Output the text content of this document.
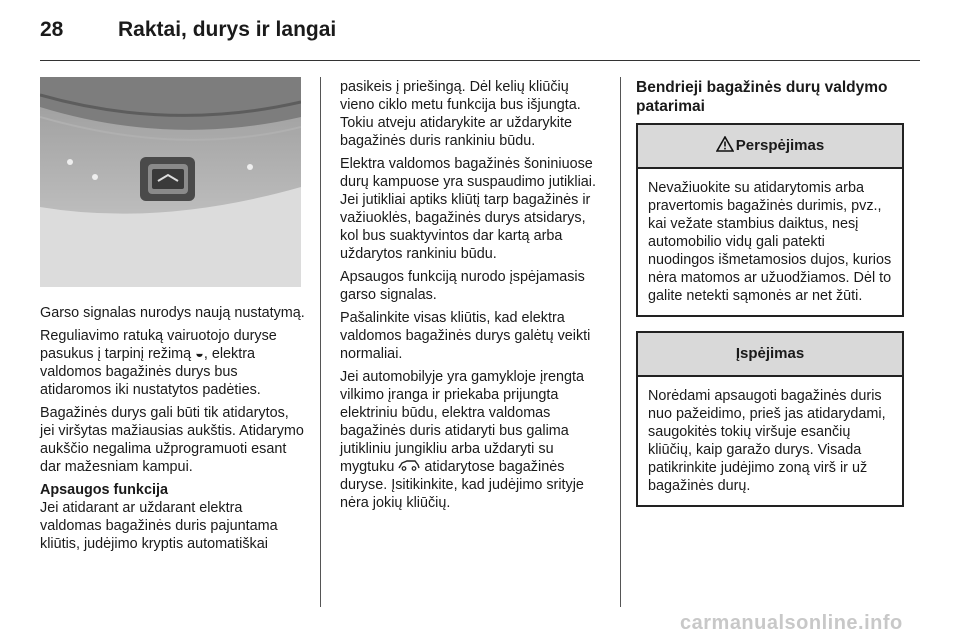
28	Raktai, durys ir langai

Garso signalas nurodys naują nustatymą.

Reguliavimo ratuką vairuotojo duryse pasukus į tarpinį režimą ◒, elektra valdomos bagažinės durys bus atidaromos iki nustatytos padėties.

Bagažinės durys gali būti tik atidarytos, jei viršytas mažiausias aukštis. Atidarymo aukščio negalima užprogramuoti esant dar mažesniam kampui.

Apsaugos funkcija

Jei atidarant ar uždarant elektra valdomas bagažinės duris pajuntama kliūtis, judėjimo kryptis automatiškai

pasikeis į priešingą. Dėl kelių kliūčių vieno ciklo metu funkcija bus išjungta. Tokiu atveju atidarykite ar uždarykite bagažinės duris rankiniu būdu.

Elektra valdomos bagažinės šoniniuose durų kampuose yra suspaudimo jutikliai. Jei jutikliai aptiks kliūtį tarp bagažinės ir važiuoklės, bagažinės durys atsidarys, kol bus suaktyvintos dar kartą arba uždarytos rankiniu būdu.

Apsaugos funkciją nurodo įspėjamasis garso signalas.

Pašalinkite visas kliūtis, kad elektra valdomos bagažinės durys galėtų veikti normaliai.

Jei automobilyje yra gamykloje įrengta vilkimo įranga ir priekaba prijungta elektriniu būdu, elektra valdomas bagažinės duris atidaryti bus galima jutikliniu jungikliu arba uždaryti su mygtuku atidarytose bagažinės duryse. Įsitikinkite, kad judėjimo srityje nėra jokių kliūčių.

Bendrieji bagažinės durų valdymo patarimai
Perspėjimas
Nevažiuokite su atidarytomis arba pravertomis bagažinės durimis, pvz., kai vežate stambius daiktus, nesį automobilio vidų gali patekti nuodingos išmetamosios dujos, kurios nėra matomos ar užuodžiamos. Dėl to galite netekti sąmonės ar net žūti.
Įspėjimas
Norėdami apsaugoti bagažinės duris nuo pažeidimo, prieš jas atidarydami, saugokitės tokių viršuje esančių kliūčių, kaip garažo durys. Visada patikrinkite judėjimo zoną virš ir už bagažinės durų.
carmanualsonline.info
